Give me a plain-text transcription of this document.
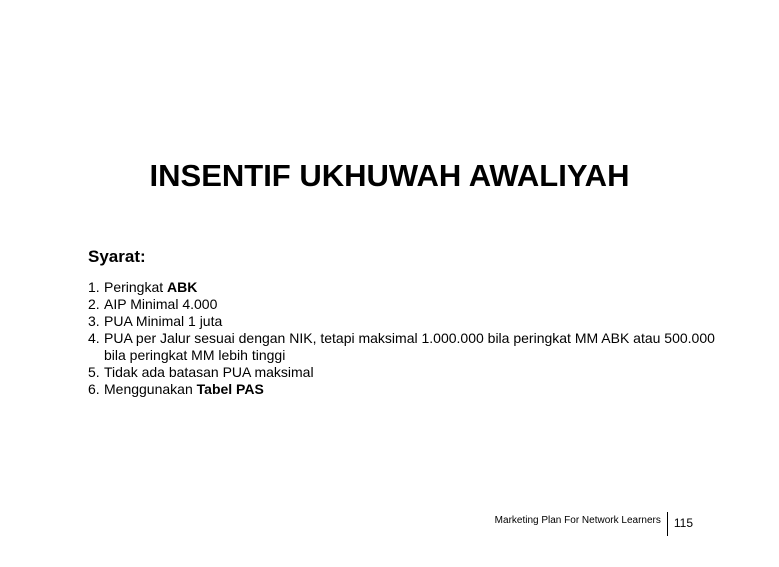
INSENTIF UKHUWAH AWALIYAH
Syarat:
1. Peringkat ABK
2. AIP Minimal 4.000
3. PUA Minimal 1 juta
4. PUA per Jalur sesuai dengan NIK, tetapi maksimal 1.000.000 bila peringkat MM ABK atau 500.000 bila peringkat MM lebih tinggi
5. Tidak ada batasan PUA maksimal
6. Menggunakan Tabel PAS
Marketing Plan For Network Learners	115
